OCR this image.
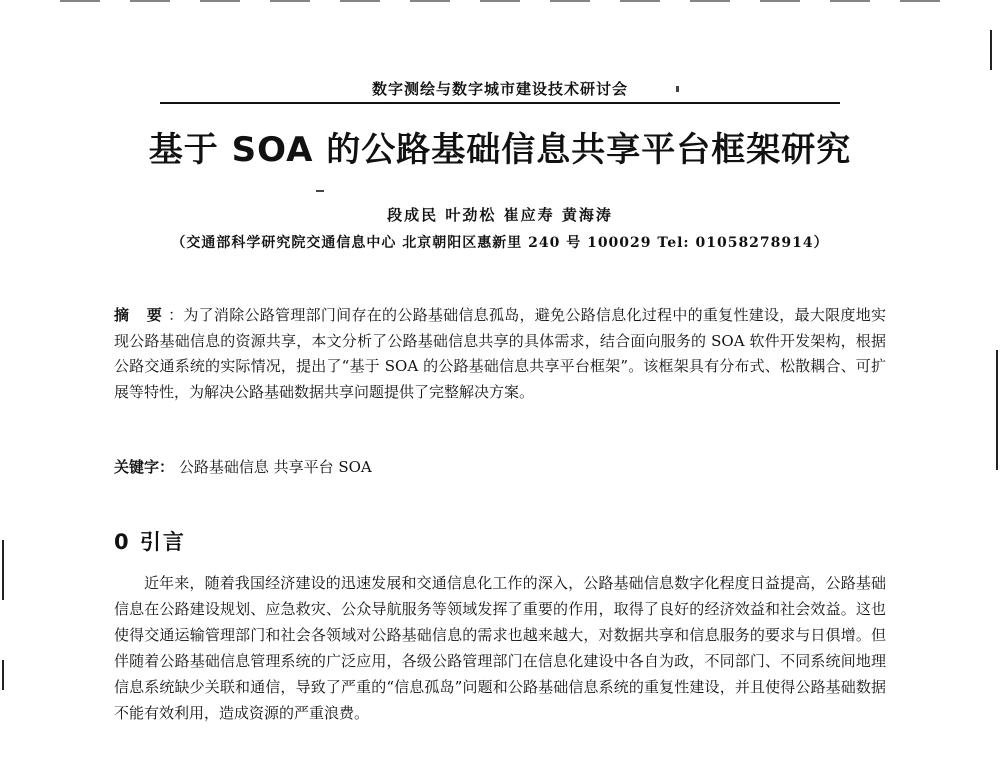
数字测绘与数字城市建设技术研讨会
基于 SOA 的公路基础信息共享平台框架研究
段成民 叶劲松 崔应寿 黄海涛
（交通部科学研究院交通信息中心 北京朝阳区惠新里 240 号 100029 Tel: 01058278914）
摘 要：为了消除公路管理部门间存在的公路基础信息孤岛，避免公路信息化过程中的重复性建设，最大限度地实现公路基础信息的资源共享，本文分析了公路基础信息共享的具体需求，结合面向服务的 SOA 软件开发架构，根据公路交通系统的实际情况，提出了“基于 SOA 的公路基础信息共享平台框架”。该框架具有分布式、松散耦合、可扩展等特性，为解决公路基础数据共享问题提供了完整解决方案。
关键字： 公路基础信息 共享平台 SOA
0 引言
近年来，随着我国经济建设的迅速发展和交通信息化工作的深入，公路基础信息数字化程度日益提高，公路基础信息在公路建设规划、应急救灾、公众导航服务等领域发挥了重要的作用，取得了良好的经济效益和社会效益。这也使得交通运输管理部门和社会各领域对公路基础信息的需求也越来越大，对数据共享和信息服务的要求与日俱增。但伴随着公路基础信息管理系统的广泛应用，各级公路管理部门在信息化建设中各自为政，不同部门、不同系统间地理信息系统缺少关联和通信，导致了严重的“信息孤岛”问题和公路基础信息系统的重复性建设，并且使得公路基础数据不能有效利用，造成资源的严重浪费。
